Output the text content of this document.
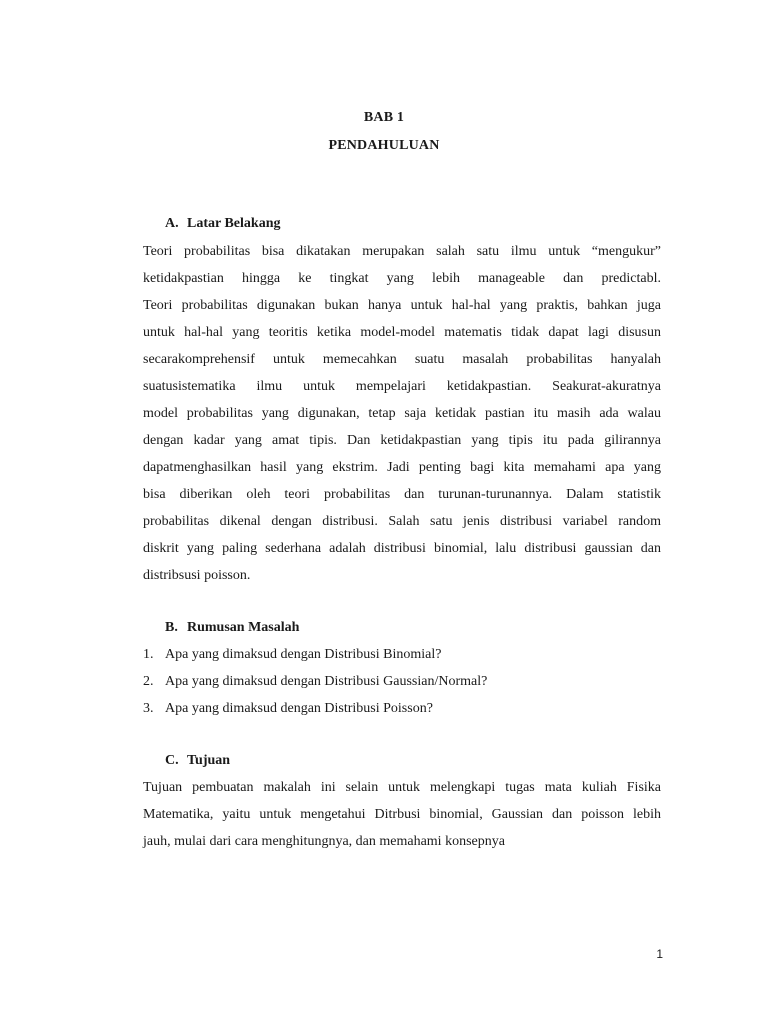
BAB 1
PENDAHULUAN
A. Latar Belakang
Teori probabilitas bisa dikatakan merupakan salah satu ilmu untuk “mengukur”
ketidakpastian hingga ke tingkat yang lebih manageable dan predictabl.
Teori probabilitas digunakan bukan hanya untuk hal-hal yang praktis, bahkan juga
untuk hal-hal yang teoritis ketika model-model matematis tidak dapat lagi disusun
secarakomprehensif untuk memecahkan suatu masalah probabilitas hanyalah
suatusistematika ilmu untuk mempelajari ketidakpastian. Seakurat-akuratnya
model probabilitas yang digunakan, tetap saja ketidak pastian itu masih ada walau
dengan kadar yang amat tipis. Dan ketidakpastian yang tipis itu pada gilirannya
dapatmenghasilkan hasil yang ekstrim. Jadi penting bagi kita memahami apa yang
bisa diberikan oleh teori probabilitas dan turunan-turunannya. Dalam statistik
probabilitas dikenal dengan distribusi. Salah satu jenis distribusi variabel random
diskrit yang paling sederhana adalah distribusi binomial, lalu distribusi gaussian dan
distribsusi poisson.
B. Rumusan Masalah
1. Apa yang dimaksud dengan Distribusi Binomial?
2. Apa yang dimaksud dengan Distribusi Gaussian/Normal?
3. Apa yang dimaksud dengan Distribusi Poisson?
C. Tujuan
Tujuan pembuatan makalah ini selain untuk melengkapi tugas mata kuliah Fisika
Matematika, yaitu untuk mengetahui Ditrbusi binomial, Gaussian dan poisson lebih
jauh, mulai dari cara menghitungnya, dan memahami konsepnya
1
